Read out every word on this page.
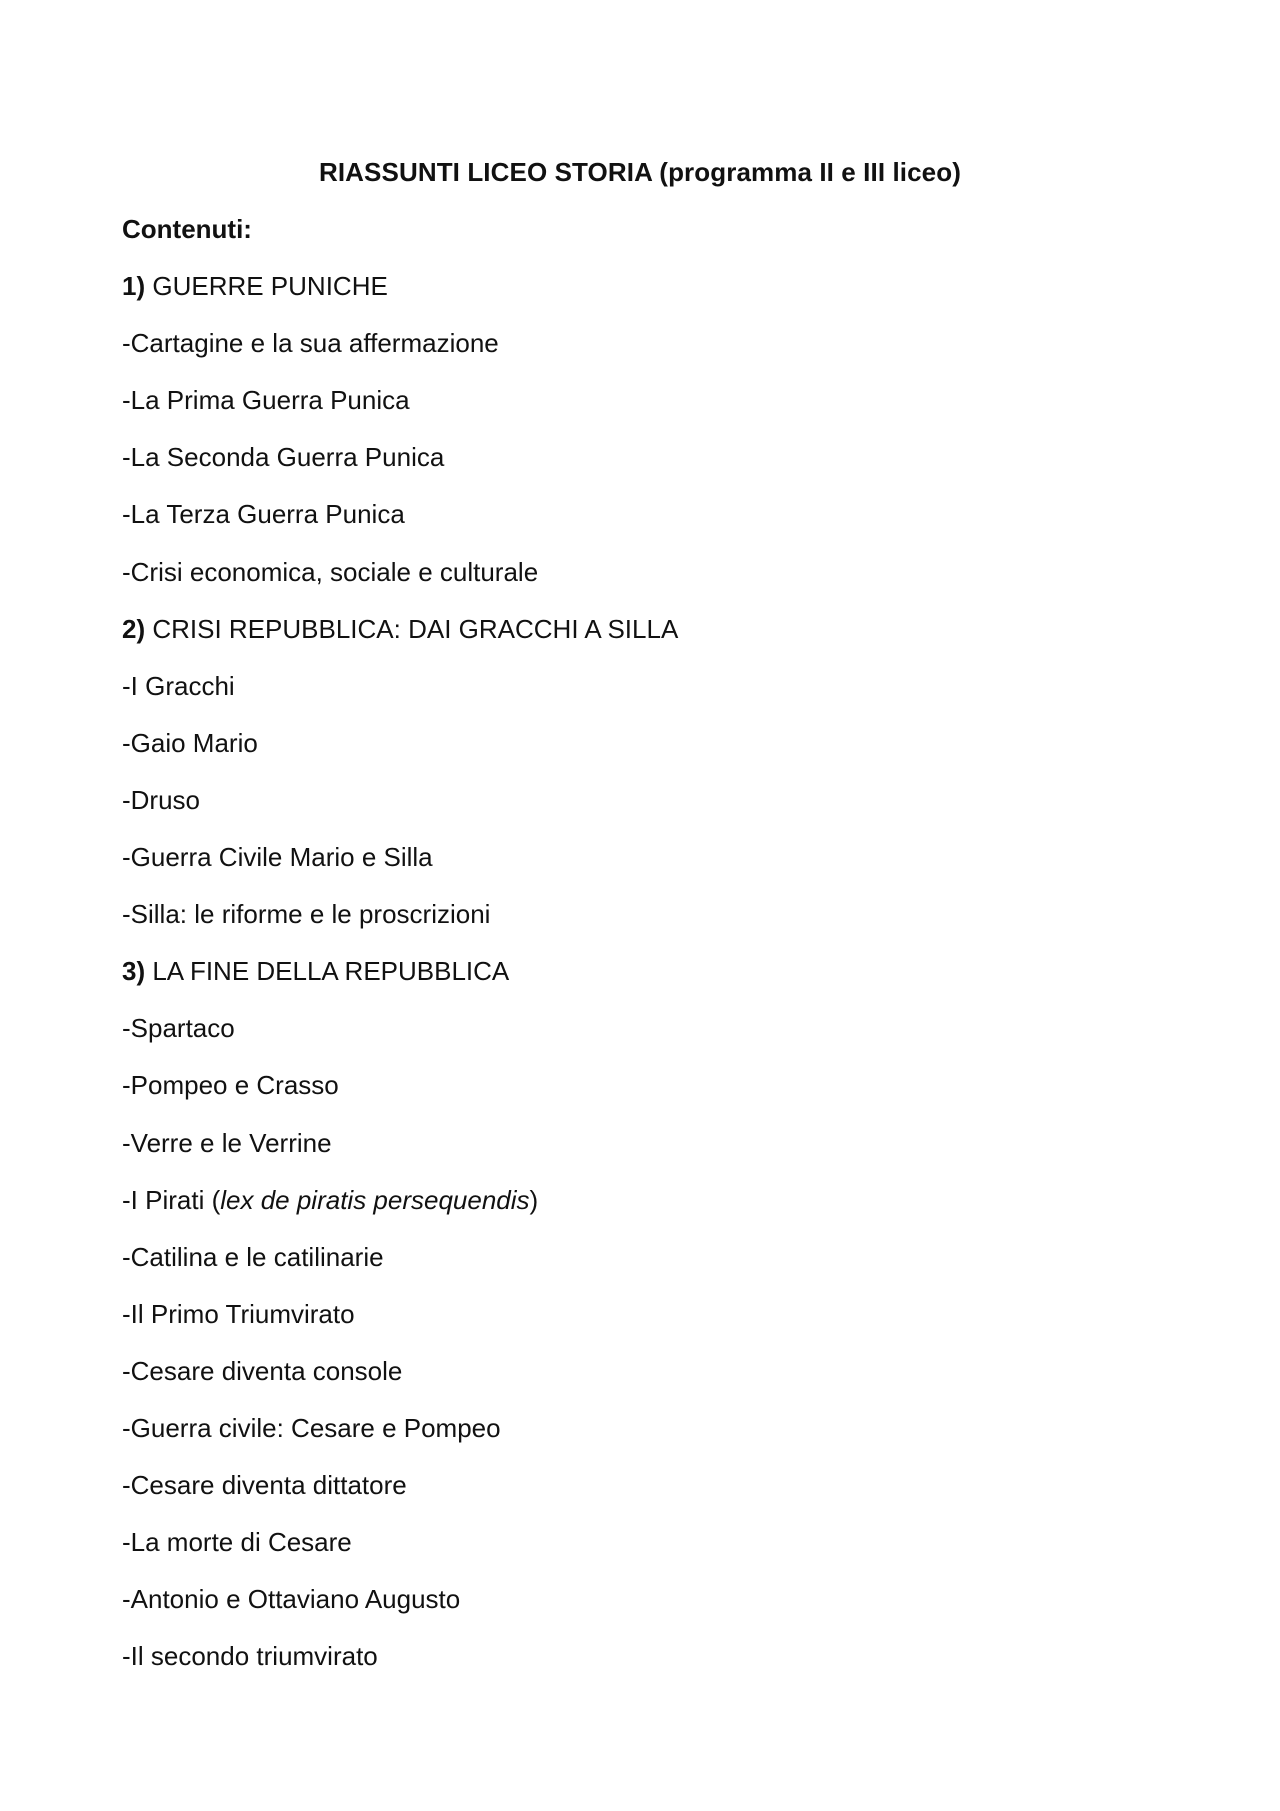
RIASSUNTI LICEO STORIA (programma II e III liceo)
Contenuti:
1) GUERRE PUNICHE
-Cartagine e la sua affermazione
-La Prima Guerra Punica
-La Seconda Guerra Punica
-La Terza Guerra Punica
-Crisi economica, sociale e culturale
2) CRISI REPUBBLICA: DAI GRACCHI A SILLA
-I Gracchi
-Gaio Mario
-Druso
-Guerra Civile Mario e Silla
-Silla: le riforme e le proscrizioni
3) LA FINE DELLA REPUBBLICA
-Spartaco
-Pompeo e Crasso
-Verre e le Verrine
-I Pirati (lex de piratis persequendis)
-Catilina e le catilinarie
-Il Primo Triumvirato
-Cesare diventa console
-Guerra civile: Cesare e Pompeo
-Cesare diventa dittatore
-La morte di Cesare
-Antonio e Ottaviano Augusto
-Il secondo triumvirato
